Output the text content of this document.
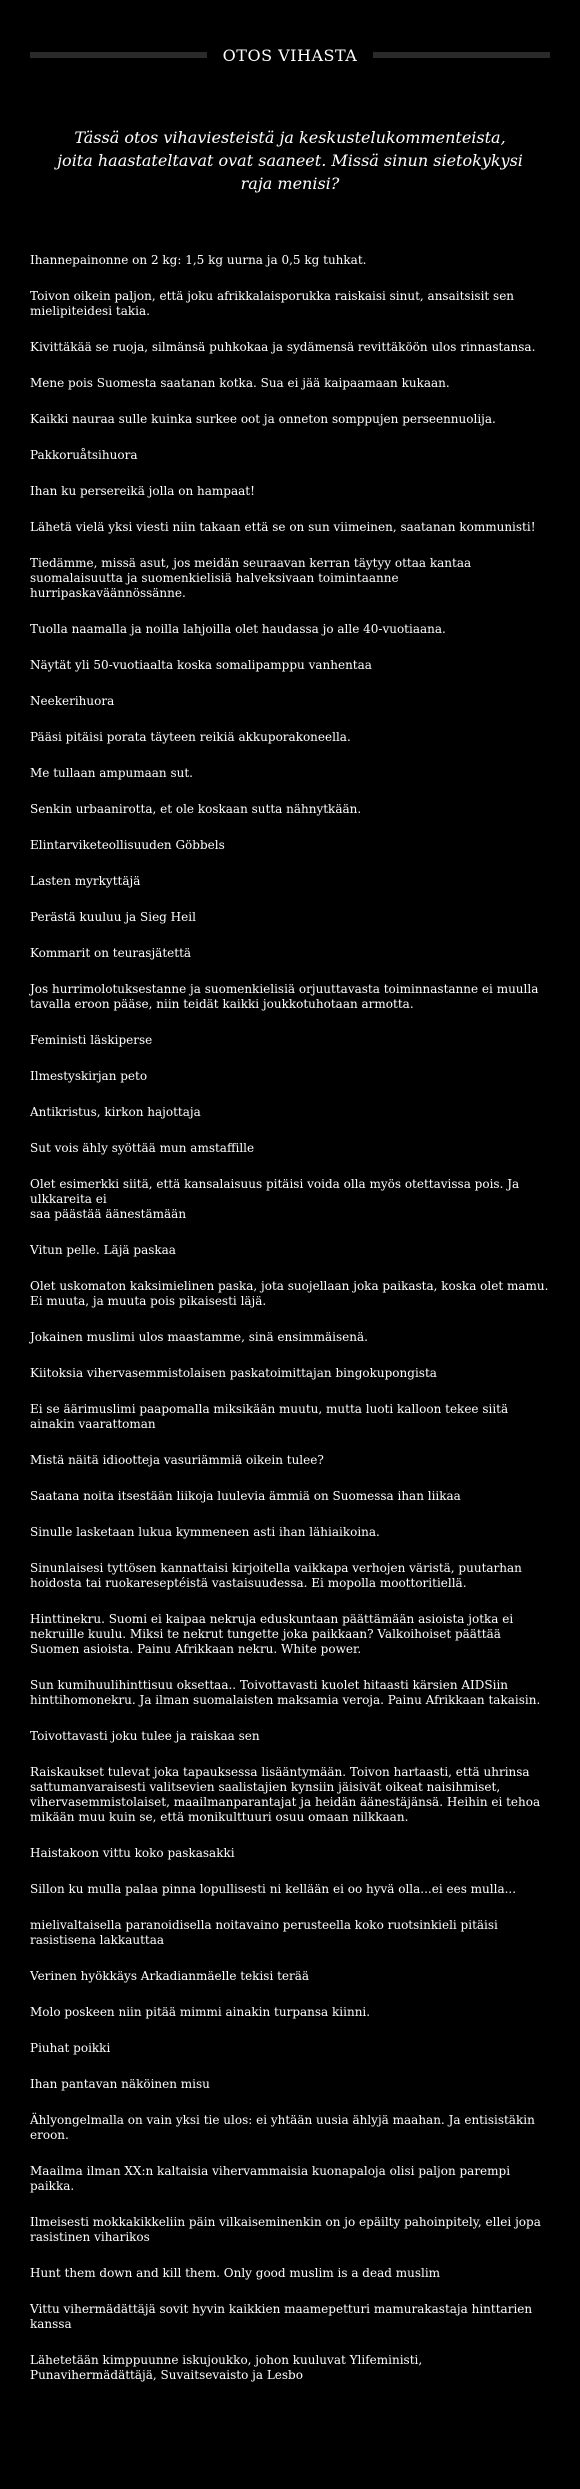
OTOS VIHASTA
Tässä otos vihaviesteistä ja keskustelukommenteista, joita haastateltavat ovat saaneet. Missä sinun sietokykysi raja menisi?

Ihannepainonne on 2 kg: 1,5 kg uurna ja 0,5 kg tuhkat.

Toivon oikein paljon, että joku afrikkalaisporukka raiskaisi sinut, ansaitsisit sen mielipiteidesi takia.

Kivittäkää se ruoja, silmänsä puhkokaa ja sydämensä revittäköön ulos rinnastansa.

Mene pois Suomesta saatanan kotka. Sua ei jää kaipaamaan kukaan.

Kaikki nauraa sulle kuinka surkee oot ja onneton somppujen perseennuolija.

Pakkoruåtsihuora

Ihan ku persereikä jolla on hampaat!

Lähetä vielä yksi viesti niin takaan että se on sun viimeinen, saatanan kommunisti!

Tiedämme, missä asut, jos meidän seuraavan kerran täytyy ottaa kantaa suomalaisuutta ja suomenkielisiä halveksivaan toimintaanne hurripaskaväännössänne.

Tuolla naamalla ja noilla lahjoilla olet haudassa jo alle 40-vuotiaana.

Näytät yli 50-vuotiaalta koska somalipamppu vanhentaa

Neekerihuora

Pääsi pitäisi porata täyteen reikiä akkuporakoneella.

Me tullaan ampumaan sut.

Senkin urbaanirotta, et ole koskaan sutta nähnytkään.

Elintarviketeollisuuden Göbbels

Lasten myrkyttäjä

Perästä kuuluu ja Sieg Heil

Kommarit on teurasjätettä

Jos hurrimolotuksestanne ja suomenkielisiä orjuuttavasta toiminnastanne ei muulla tavalla eroon pääse, niin teidät kaikki joukkotuhotaan armotta.

Feministi läskiperse

Ilmestyskirjan peto

Antikristus, kirkon hajottaja

Sut vois ähly syöttää mun amstaffille

Olet esimerkki siitä, että kansalaisuus pitäisi voida olla myös otettavissa pois. Ja ulkkareita ei
saa päästää äänestämään

Vitun pelle. Läjä paskaa

Olet uskomaton kaksimielinen paska, jota suojellaan joka paikasta, koska olet mamu. Ei muuta, ja muuta pois pikaisesti läjä.

Jokainen muslimi ulos maastamme, sinä ensimmäisenä.

Kiitoksia vihervasemmistolaisen paskatoimittajan bingokupongista

Ei se äärimuslimi paapomalla miksikään muutu, mutta luoti kalloon tekee siitä ainakin vaarattoman

Mistä näitä idiootteja vasuriämmiä oikein tulee?

Saatana noita itsestään liikoja luulevia ämmiä on Suomessa ihan liikaa

Sinulle lasketaan lukua kymmeneen asti ihan lähiaikoina.

Sinunlaisesi tyttösen kannattaisi kirjoitella vaikkapa verhojen väristä, puutarhan hoidosta tai ruokareseptéistä vastaisuudessa. Ei mopolla moottoritiellä.

Hinttinekru. Suomi ei kaipaa nekruja eduskuntaan päättämään asioista jotka ei nekruille kuulu. Miksi te nekrut tungette joka paikkaan? Valkoihoiset päättää Suomen asioista. Painu Afrikkaan nekru. White power.

Sun kumihuulihinttisuu oksettaa.. Toivottavasti kuolet hitaasti kärsien AIDSiin hinttihomonekru. Ja ilman suomalaisten maksamia veroja. Painu Afrikkaan takaisin.

Toivottavasti joku tulee ja raiskaa sen

Raiskaukset tulevat joka tapauksessa lisääntymään. Toivon hartaasti, että uhrinsa sattumanvaraisesti valitsevien saalistajien kynsiin jäisivät oikeat naisihmiset, vihervasemmistolaiset, maailmanparantajat ja heidän äänestäjänsä. Heihin ei tehoa mikään muu kuin se, että monikulttuuri osuu omaan nilkkaan.

Haistakoon vittu koko paskasakki

Sillon ku mulla palaa pinna lopullisesti ni kellään ei oo hyvä olla...ei ees mulla...

mielivaltaisella paranoidisella noitavaino perusteella koko ruotsinkieli pitäisi rasistisena lakkauttaa

Verinen hyökkäys Arkadianmäelle tekisi terää

Molo poskeen niin pitää mimmi ainakin turpansa kiinni.

Piuhat poikki

Ihan pantavan näköinen misu

Ählyongelmalla on vain yksi tie ulos: ei yhtään uusia ählyjä maahan. Ja entisistäkin eroon.

Maailma ilman XX:n kaltaisia vihervammaisia kuonapaloja olisi paljon parempi paikka.

Ilmeisesti mokkakikkeliin päin vilkaiseminenkin on jo epäilty pahoinpitely, ellei jopa rasistinen viharikos

Hunt them down and kill them. Only good muslim is a dead muslim

Vittu vihermädättäjä sovit hyvin kaikkien maamepetturi mamurakastaja hinttarien kanssa

Lähetetään kimppuunne iskujoukko, johon kuuluvat Ylifeministi, Punavihermädättäjä, Suvaitsevaisto ja Lesbo
